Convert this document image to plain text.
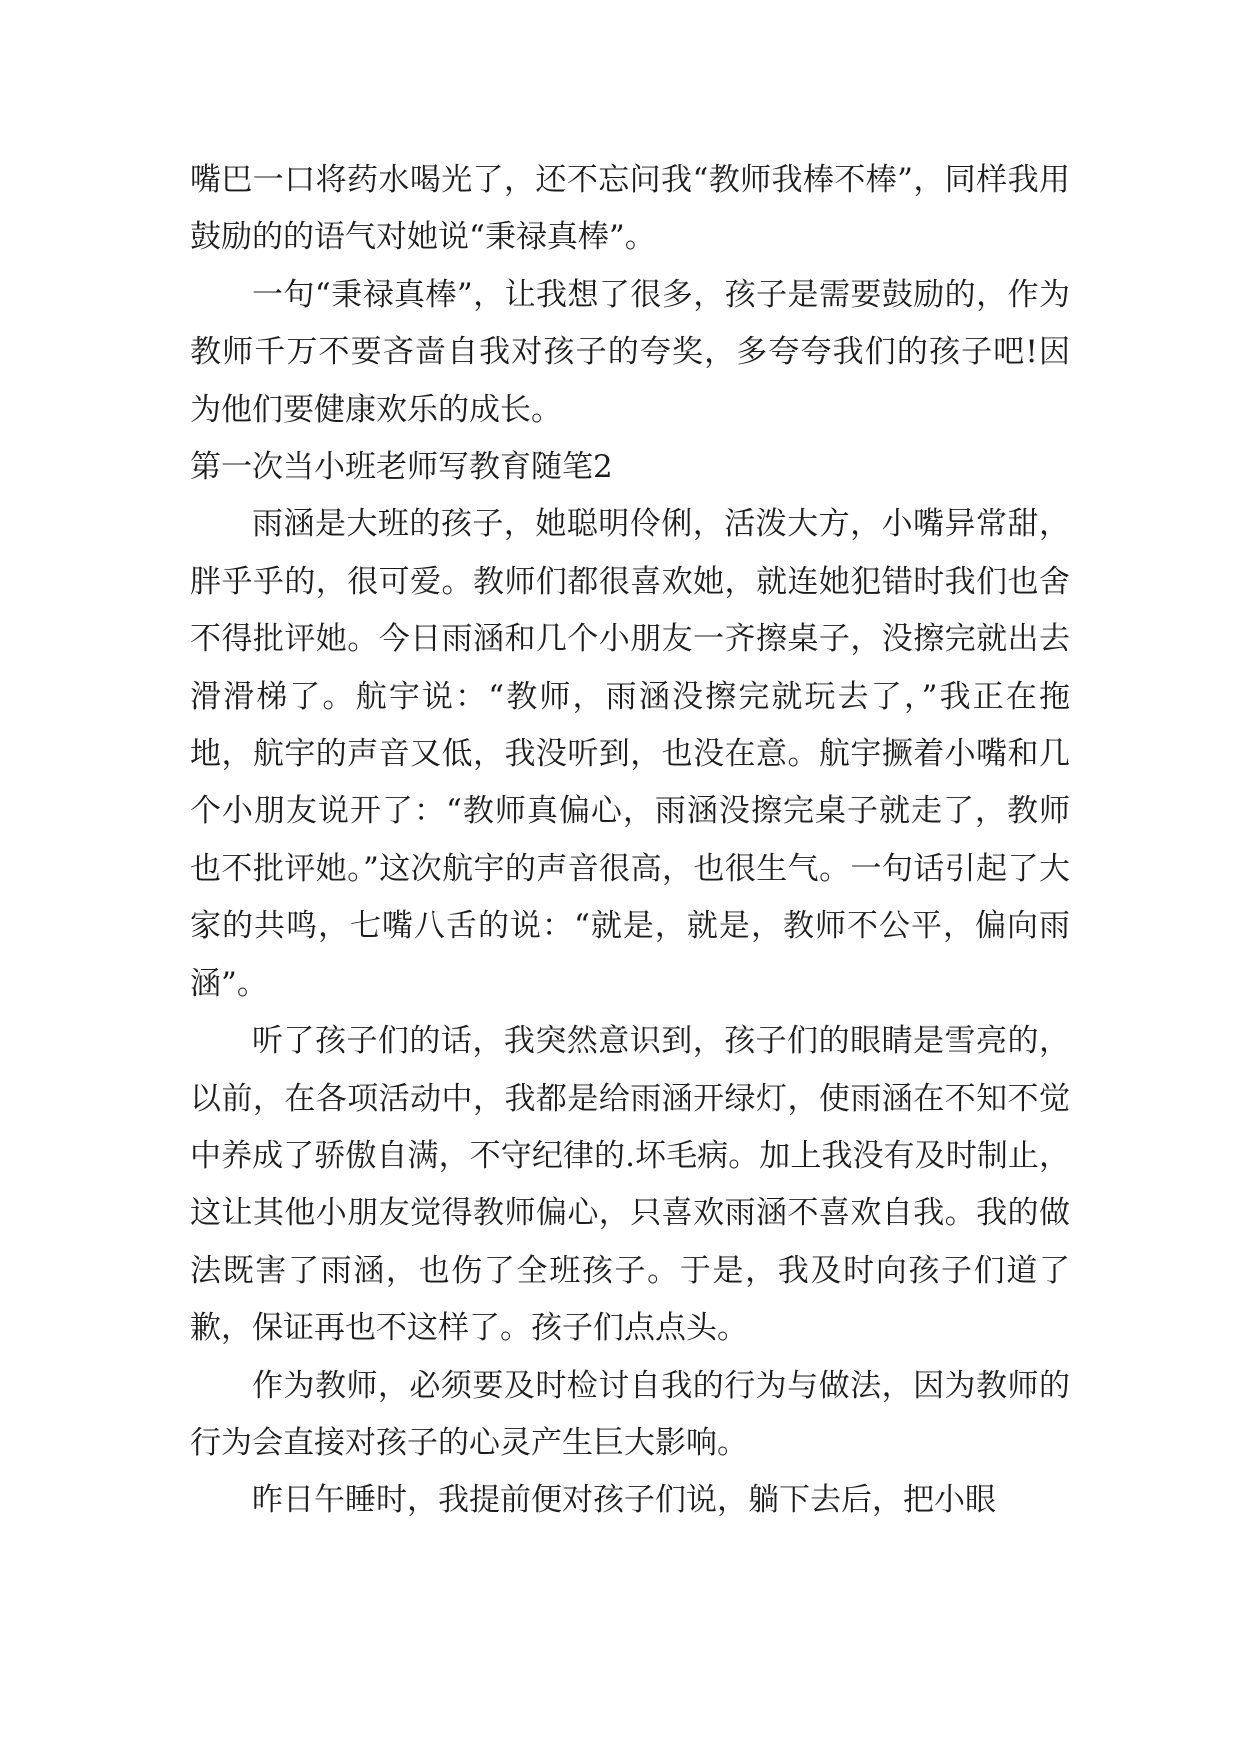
嘴巴一口将药水喝光了，还不忘问我“教师我棒不棒”，同样我用鼓励的的语气对她说“秉禄真棒”。

一句“秉禄真棒”，让我想了很多，孩子是需要鼓励的，作为教师千万不要吝啬自我对孩子的夸奖，多夸夸我们的孩子吧!因为他们要健康欢乐的成长。

第一次当小班老师写教育随笔2

雨涵是大班的孩子，她聪明伶俐，活泼大方，小嘴异常甜，胖乎乎的，很可爱。教师们都很喜欢她，就连她犯错时我们也舍不得批评她。今日雨涵和几个小朋友一齐擦桌子，没擦完就出去滑滑梯了。航宇说：“教师，雨涵没擦完就玩去了，”我正在拖地，航宇的声音又低，我没听到，也没在意。航宇撅着小嘴和几个小朋友说开了：“教师真偏心，雨涵没擦完桌子就走了，教师也不批评她。”这次航宇的声音很高，也很生气。一句话引起了大家的共鸣，七嘴八舌的说：“就是，就是，教师不公平，偏向雨涵”。

听了孩子们的话，我突然意识到，孩子们的眼睛是雪亮的，以前，在各项活动中，我都是给雨涵开绿灯，使雨涵在不知不觉中养成了骄傲自满，不守纪律的.坏毛病。加上我没有及时制止，这让其他小朋友觉得教师偏心，只喜欢雨涵不喜欢自我。我的做法既害了雨涵，也伤了全班孩子。于是，我及时向孩子们道了歉，保证再也不这样了。孩子们点点头。

作为教师，必须要及时检讨自我的行为与做法，因为教师的行为会直接对孩子的心灵产生巨大影响。

昨日午睡时，我提前便对孩子们说，躺下去后，把小眼
